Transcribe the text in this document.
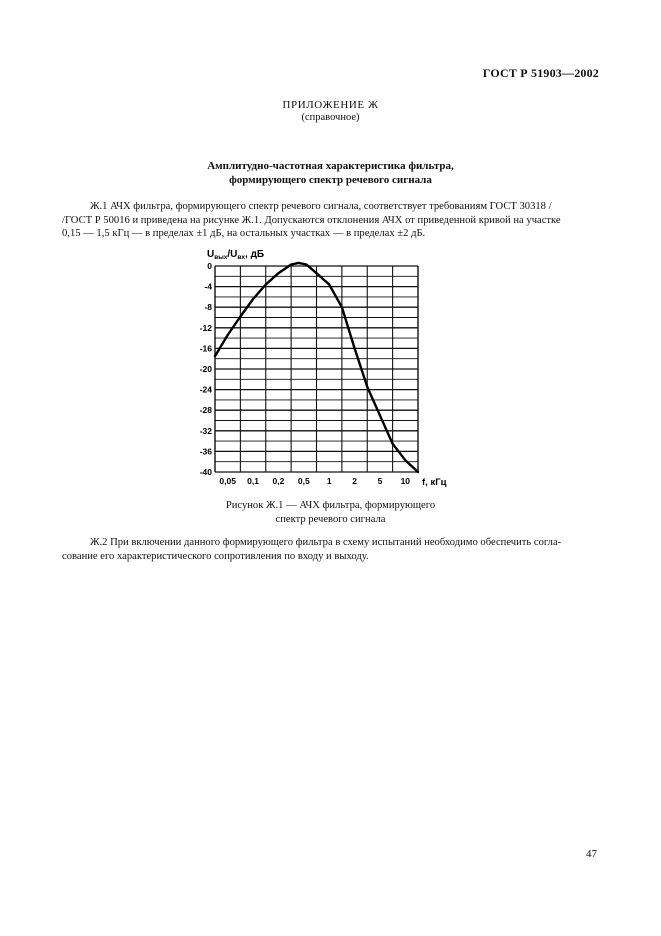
ГОСТ Р 51903—2002
ПРИЛОЖЕНИЕ Ж
(справочное)
Амплитудно-частотная характеристика фильтра,
формирующего спектр речевого сигнала

Ж.1 АЧХ фильтра, формирующего спектр речевого сигнала, соответствует требованиям ГОСТ 30318 /

/ГОСТ Р 50016 и приведена на рисунке Ж.1. Допускаются отклонения АЧХ от приведенной кривой на участке
0,15 — 1,5 кГц — в пределах ±1 дБ, на остальных участках — в пределах ±2 дБ.
$U_{вых}/U_{вх}$, дБ
0
-4
-8
-12
-16
-20
-24
-28
-32
-36
-40
0,05 0,1 0,2 0,5 1 2 5 10 f, кГц
Рисунок Ж.1 — АЧХ фильтра, формирующего
спектр речевого сигнала

Ж.2 При включении данного формирующего фильтра в схему испытаний необходимо обеспечить согла-

сование его характеристического сопротивления по входу и выходу.
47
